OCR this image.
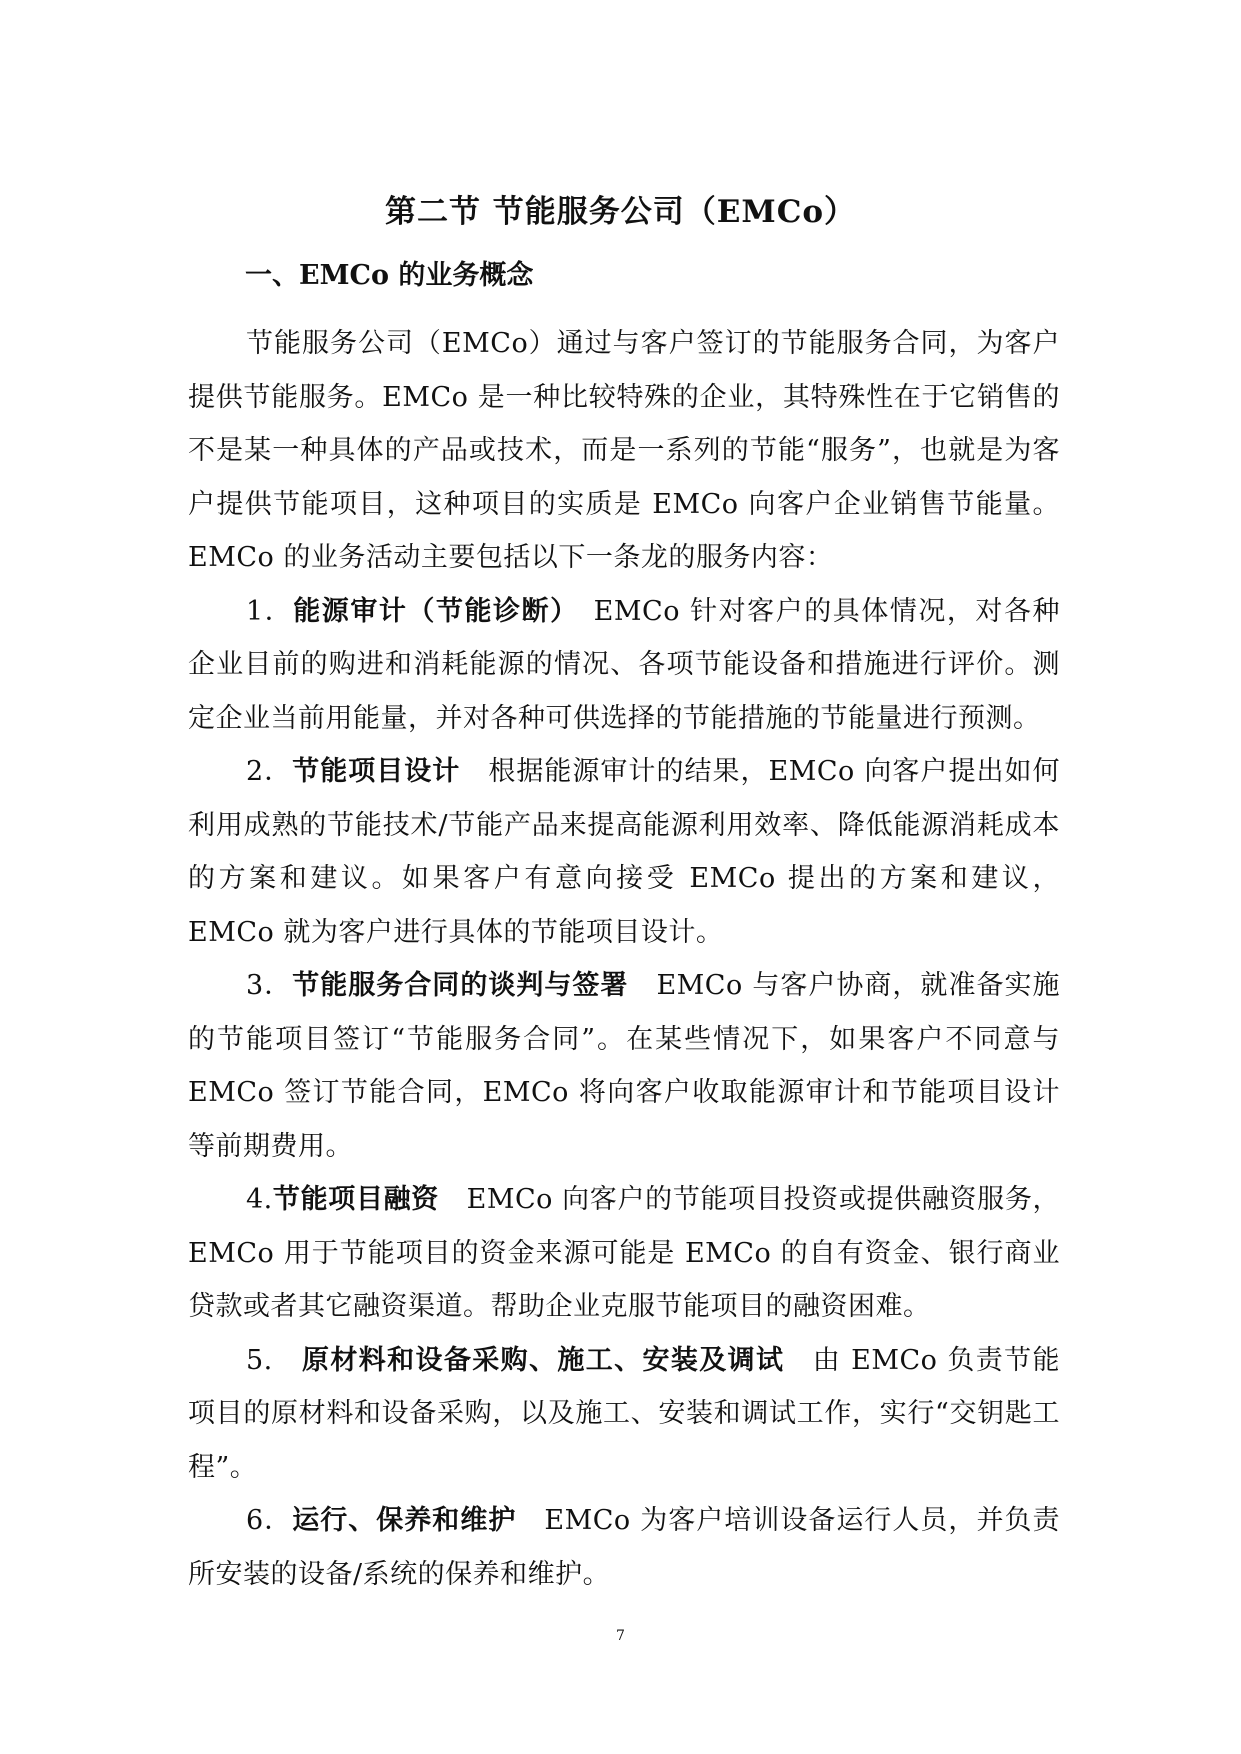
第二节 节能服务公司（EMCo）
一、EMCo 的业务概念

节能服务公司（EMCo）通过与客户签订的节能服务合同，为客户提供节能服务。EMCo 是一种比较特殊的企业，其特殊性在于它销售的不是某一种具体的产品或技术，而是一系列的节能“服务”，也就是为客户提供节能项目，这种项目的实质是 EMCo 向客户企业销售节能量。EMCo 的业务活动主要包括以下一条龙的服务内容：

1．能源审计（节能诊断）　EMCo 针对客户的具体情况，对各种企业目前的购进和消耗能源的情况、各项节能设备和措施进行评价。测定企业当前用能量，并对各种可供选择的节能措施的节能量进行预测。

2．节能项目设计　根据能源审计的结果，EMCo 向客户提出如何利用成熟的节能技术/节能产品来提高能源利用效率、降低能源消耗成本的方案和建议。如果客户有意向接受 EMCo 提出的方案和建议，EMCo 就为客户进行具体的节能项目设计。

3．节能服务合同的谈判与签署　EMCo 与客户协商，就准备实施的节能项目签订“节能服务合同”。在某些情况下，如果客户不同意与 EMCo 签订节能合同，EMCo 将向客户收取能源审计和节能项目设计等前期费用。

4.节能项目融资　EMCo 向客户的节能项目投资或提供融资服务，EMCo 用于节能项目的资金来源可能是 EMCo 的自有资金、银行商业贷款或者其它融资渠道。帮助企业克服节能项目的融资困难。

5.　原材料和设备采购、施工、安装及调试　由 EMCo 负责节能项目的原材料和设备采购，以及施工、安装和调试工作，实行“交钥匙工程”。

6．运行、保养和维护　EMCo 为客户培训设备运行人员，并负责所安装的设备/系统的保养和维护。

7
